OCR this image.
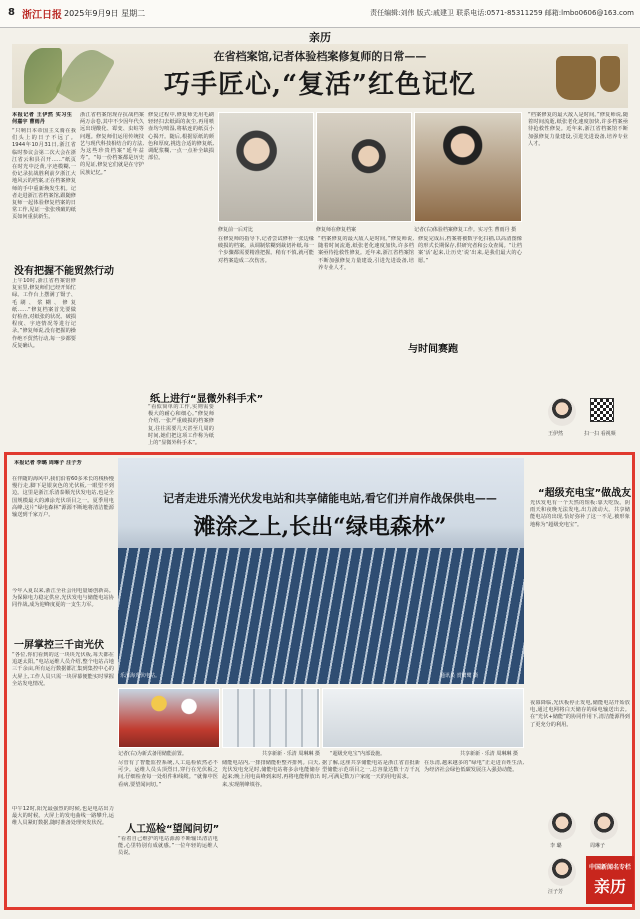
8 浙江日报 2025年9月9日 星期二	责任编辑:刘伟 版式:戚建卫 联系电话:0571-85311259 邮箱:lmbo0606@163.com
亲历
在省档案馆,记者体验档案修复师的日常——
巧手匠心,“复活”红色记忆
本报记者 王伊然 实习生 何嘉宇 曹雨丹
“只剩日本帝国主义骑在我们头上的日子不远了。1944年10月31日,浙江省临时参议会第二次大会在浙江省云和县召开……”纸页在时光中泛黄,字迹模糊,一份记录抗战胜利前夕浙江大地风云的档案,正在档案修复师的手中重新焕发生机。记者走进浙江省档案馆,跟随修复师一起体验修复档案的日常工作,见证一张张残破的纸页如何重获新生。
没有把握不能贸然行动
上午10时,浙江省档案馆修复室里,修复师们已经开始忙碌。工作台上摆满了镊子、毛刷、浆糊、修复纸……“修复档案首先要做好检查,对纸张的状况、破损程度、字迹情况等进行记录。”修复师说,没有把握的操作绝不贸然行动,每一步都要反复确认。
浙江省档案馆现存抗战档案两万余卷,其中不少因年代久远出现酸化、霉变、虫蛀等问题。修复师们运用传统技艺与现代科技相结合的方法,为这些珍贵档案“延年益寿”。“每一份档案都是历史的见证,修复它们就是在守护民族记忆。”
修复前一后对比	修复师在修复档案	记者(右)体验档案修复工作。实习生 曹雨丹 摄
修复过程中,修复师先用毛刷轻轻扫去纸面的灰尘,再用喷壶均匀喷湿,将粘连的纸页小心揭开。随后,根据原纸的颜色和厚度,挑选合适的修复纸,调配浆糊,一点一点补全缺损部位。
纸上进行“显微外科手术”
“看似简单的工作,实则需要极大的耐心和细心。”修复师介绍,一张严重破损的档案修复,往往需要几天甚至几周的时间,她们把这项工作称为纸上的“显微外科手术”。
在修复师的指导下,记者尝试修补一张边缘破损的档案。从调制浆糊到裁切补纸,每一个步骤都需要精准把握。稍有不慎,就可能对档案造成二次伤害。
“档案修复的最大敌人是时间。”修复师说,随着时间流逝,纸张老化速度加快,许多档案亟待抢救性修复。近年来,浙江省档案馆不断加强修复力量建设,引进先进设备,培养专业人才。
与时间赛跑
修复完成后,档案将被数字化扫描,以高清图像的形式长期保存,供研究者和公众查阅。“让档案‘活’起来,让历史‘说’出来,是我们最大的心愿。”
“档案修复的最大敌人是时间。”修复师说,随着时间流逝,纸张老化速度加快,许多档案亟待抢救性修复。近年来,浙江省档案馆不断加强修复力量建设,引进先进设备,培养专业人才。
王伊然	扫一扫 看视频
本报记者 李璐 周琳子 汪子芳
在伴随的海风中,我们沿着60多米长的栈桥慢慢行走,脚下是银灰色的光伏板,一眼望不到边。这里是浙江乐清泰顺光伏发电站,也是全国规模最大的滩涂光伏项目之一。夏季用电高峰,这片“绿电森林”源源不断地将清洁能源输送到千家万户。
今年入夏以来,浙江全社会用电量屡创新高。为保障电力稳定供应,光伏发电与储能电站协同作战,成为迎峰度夏的一支生力军。
一屏掌控三千亩光伏
“各位,你们看到的这一块块光伏板,每天都在追逐太阳。”电站运维人员介绍,整个电站占地三千余亩,所有运行数据都汇集到集控中心的大屏上,工作人员只需一块屏幕便能实时掌握全站发电情况。
中午12时,阳光最强烈的时候,也是电站出力最大的时候。大屏上的发电曲线一路攀升,运维人员紧盯数据,随时准备处理突发状况。
记者走进乐清光伏发电站和共享储能电站,看它们并肩作战保供电——
滩涂之上,长出“绿电森林”
乐清海光伏电站。	通讯员 赏鹭鹭 摄
记者(右)为新式备用储能前置。	共享新新 · 乐清 周琳琳 摄 “超级充电宝”内部设施。	共享新新 · 乐清 周琳琳 摄
尽管有了智能监控系统,人工巡检依然必不可少。运维人员头顶烈日,穿行在光伏板之间,仔细检查每一处组件和线缆。“就像中医看病,要望闻问切。”
人工巡检“望闻问切”
“看着自己维护的电站源源不断输出清洁电能,心里特别有成就感。”一位年轻的运维人员说。
储能电站内,一排排储能柜整齐排列。白天,光伏发电充足时,储能电站将多余电能储存起来;晚上用电高峰到来时,再将电能释放出来,实现削峰填谷。
据了解,这座共享储能电站是浙江省首批新型储能示范项目之一,总容量达数十万千瓦时,可满足数万户家庭一天的用电需求。
在乐清,越来越多的“绿电”正走进百姓生活,为经济社会绿色低碳发展注入强劲动能。
“超级充电宝”做战友
光伏发电有一个天然的短板:靠天吃饭。阴雨天和夜晚无法发电,出力波动大。共享储能电站的出现,恰好弥补了这一不足,被形象地称为“超级充电宝”。
夜幕降临,光伏板停止发电,储能电站开始放电,通过电网将白天储存的绿电输送出去。在“光伏+储能”的协同作用下,清洁能源得到了更充分的利用。
李 璐	周琳子
汪子芳
中国新闻名专栏
亲历
